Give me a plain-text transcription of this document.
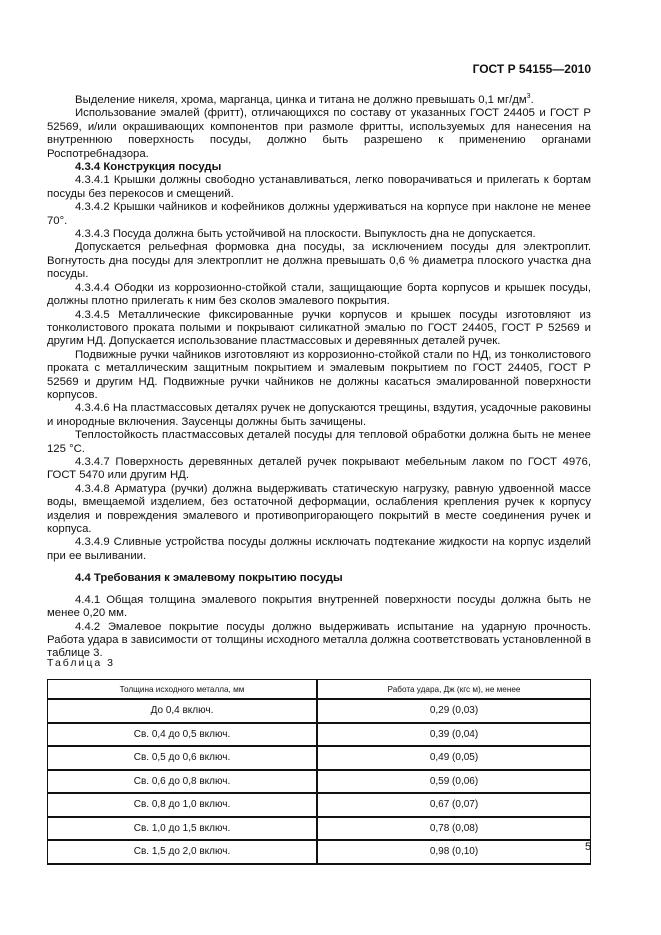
ГОСТ Р 54155—2010

Выделение никеля, хрома, марганца, цинка и титана не должно превышать 0,1 $мг/дм^3$.

Использование эмалей (фритт), отличающихся по составу от указанных ГОСТ 24405 и ГОСТ Р 52569, и/или окрашивающих компонентов при размоле фритты, используемых для нанесения на внутреннюю поверхность посуды, должно быть разрешено к применению органами Роспотребнадзора.

4.3.4 Конструкция посуды

4.3.4.1 Крышки должны свободно устанавливаться, легко поворачиваться и прилегать к бортам посуды без перекосов и смещений.

4.3.4.2 Крышки чайников и кофейников должны удерживаться на корпусе при наклоне не менее 70°.

4.3.4.3 Посуда должна быть устойчивой на плоскости. Выпуклость дна не допускается.

Допускается рельефная формовка дна посуды, за исключением посуды для электроплит. Вогнутость дна посуды для электроплит не должна превышать 0,6 % диаметра плоского участка дна посуды.

4.3.4.4 Ободки из коррозионно-стойкой стали, защищающие борта корпусов и крышек посуды, должны плотно прилегать к ним без сколов эмалевого покрытия.

4.3.4.5 Металлические фиксированные ручки корпусов и крышек посуды изготовляют из тонколистового проката полыми и покрывают силикатной эмалью по ГОСТ 24405, ГОСТ Р 52569 и другим НД. Допускается использование пластмассовых и деревянных деталей ручек.

Подвижные ручки чайников изготовляют из коррозионно-стойкой стали по НД, из тонколистового проката с металлическим защитным покрытием и эмалевым покрытием по ГОСТ 24405, ГОСТ Р 52569 и другим НД. Подвижные ручки чайников не должны касаться эмалированной поверхности корпусов.

4.3.4.6 На пластмассовых деталях ручек не допускаются трещины, вздутия, усадочные раковины и инородные включения. Заусенцы должны быть зачищены.

Теплостойкость пластмассовых деталей посуды для тепловой обработки должна быть не менее 125 °С.

4.3.4.7 Поверхность деревянных деталей ручек покрывают мебельным лаком по ГОСТ 4976, ГОСТ 5470 или другим НД.

4.3.4.8 Арматура (ручки) должна выдерживать статическую нагрузку, равную удвоенной массе воды, вмещаемой изделием, без остаточной деформации, ослабления крепления ручек к корпусу изделия и повреждения эмалевого и противопригорающего покрытий в месте соединения ручек и корпуса.

4.3.4.9 Сливные устройства посуды должны исключать подтекание жидкости на корпус изделий при ее выливании.

4.4 Требования к эмалевому покрытию посуды

4.4.1 Общая толщина эмалевого покрытия внутренней поверхности посуды должна быть не менее 0,20 мм.

4.4.2 Эмалевое покрытие посуды должно выдерживать испытание на ударную прочность. Работа удара в зависимости от толщины исходного металла должна соответствовать установленной в таблице 3.

Таблица 3
Толщина исходного металла, мм	Работа удара, Дж (кгс м), не менее
До 0,4 включ.	0,29 (0,03)
Св. 0,4 до 0,5 включ.	0,39 (0,04)
Св. 0,5 до 0,6 включ.	0,49 (0,05)
Св. 0,6 до 0,8 включ.	0,59 (0,06)
Св. 0,8 до 1,0 включ.	0,67 (0,07)
Св. 1,0 до 1,5 включ.	0,78 (0,08)
Св. 1,5 до 2,0 включ.	0,98 (0,10)	5
